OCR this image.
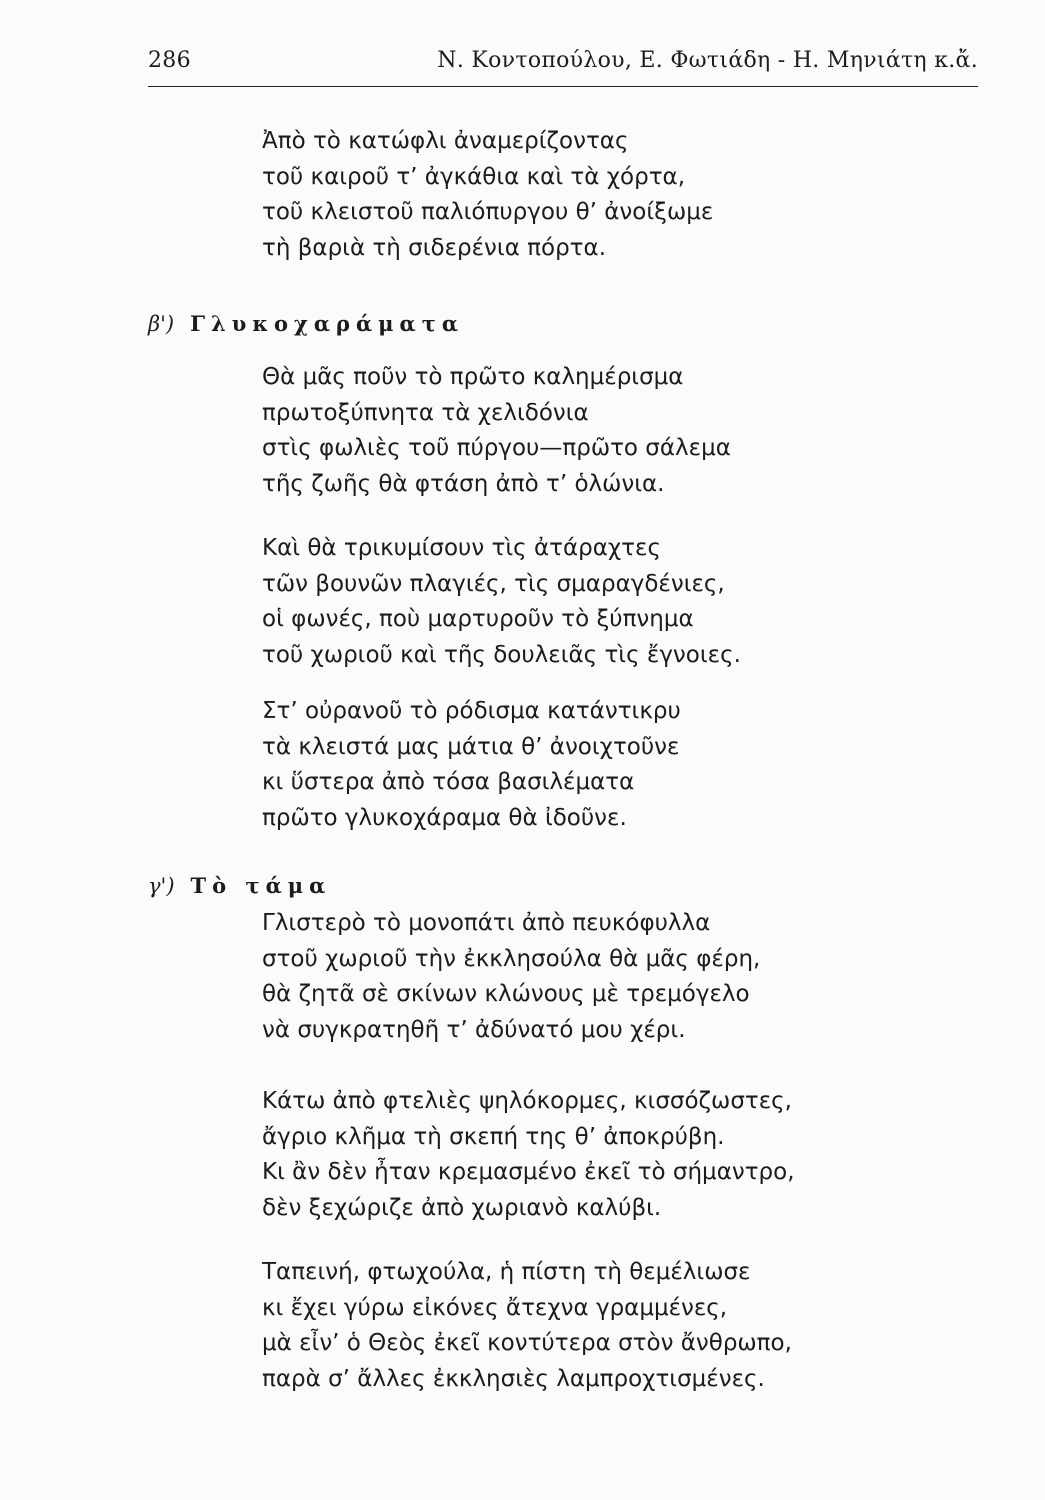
286	Ν. Κοντοπούλου, Ε. Φωτιάδη - Η. Μηνιάτη κ.ἄ.
Ἀπὸ τὸ κατώφλι ἀναμερίζοντας
τοῦ καιροῦ τ’ ἀγκάθια καὶ τὰ χόρτα,
τοῦ κλειστοῦ παλιόπυργου θ’ ἀνοίξωμε
τὴ βαριὰ τὴ σιδερένια πόρτα.
β') Γλυκοχαράματα
Θὰ μᾶς ποῦν τὸ πρῶτο καλημέρισμα
πρωτοξύπνητα τὰ χελιδόνια
στὶς φωλιὲς τοῦ πύργου—πρῶτο σάλεμα
τῆς ζωῆς θὰ φτάση ἀπὸ τ’ ὁλώνια.
Καὶ θὰ τρικυμίσουν τὶς ἀτάραχτες
τῶν βουνῶν πλαγιές, τὶς σμαραγδένιες,
οἱ φωνές, ποὺ μαρτυροῦν τὸ ξύπνημα
τοῦ χωριοῦ καὶ τῆς δουλειᾶς τὶς ἔγνοιες.
Στ’ οὐρανοῦ τὸ ρόδισμα κατάντικρυ
τὰ κλειστά μας μάτια θ’ ἀνοιχτοῦνε
κι ὕστερα ἀπὸ τόσα βασιλέματα
πρῶτο γλυκοχάραμα θὰ ἰδοῦνε.
γ') Τὸ τάμα
Γλιστερὸ τὸ μονοπάτι ἀπὸ πευκόφυλλα
στοῦ χωριοῦ τὴν ἐκκλησούλα θὰ μᾶς φέρη,
θὰ ζητᾶ σὲ σκίνων κλώνους μὲ τρεμόγελο
νὰ συγκρατηθῆ τ’ ἀδύνατό μου χέρι.
Κάτω ἀπὸ φτελιὲς ψηλόκορμες, κισσόζωστες,
ἄγριο κλῆμα τὴ σκεπή της θ’ ἀποκρύβη.
Κι ἂν δὲν ἦταν κρεμασμένο ἐκεῖ τὸ σήμαντρο,
δὲν ξεχώριζε ἀπὸ χωριανὸ καλύβι.
Ταπεινή, φτωχούλα, ἡ πίστη τὴ θεμέλιωσε
κι ἔχει γύρω εἰκόνες ἄτεχνα γραμμένες,
μὰ εἶν’ ὁ Θεὸς ἐκεῖ κοντύτερα στὸν ἄνθρωπο,
παρὰ σ’ ἄλλες ἐκκλησιὲς λαμπροχτισμένες.
